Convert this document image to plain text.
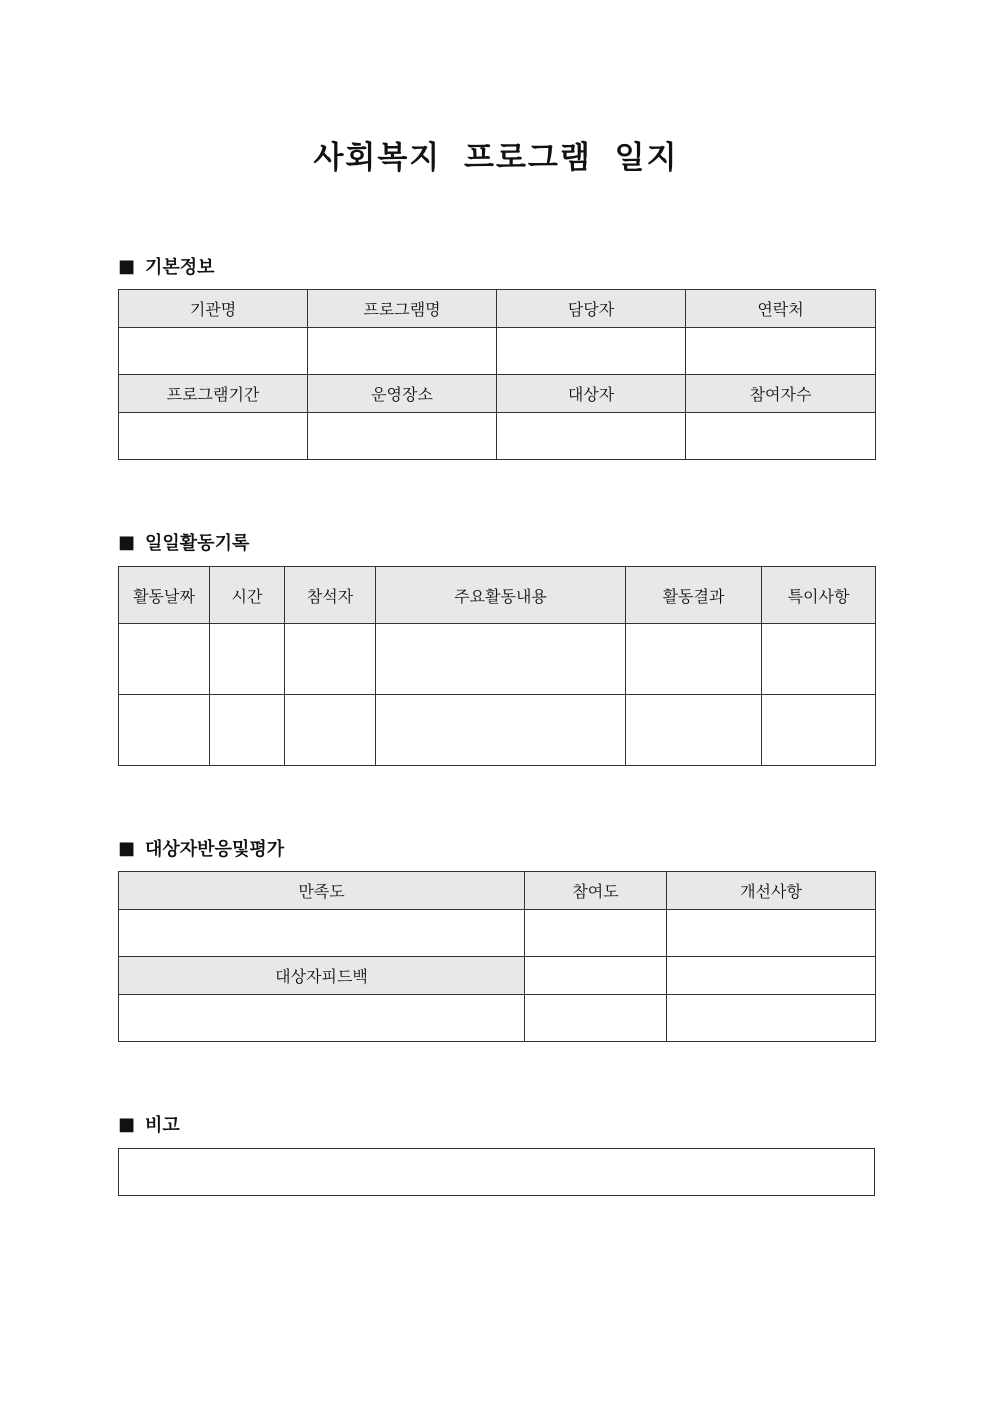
사회복지 프로그램 일지
■ 기본정보
기관명	프로그램명	담당자	연락처

프로그램기간	운영장소	대상자	참여자수

■ 일일활동기록
활동날짜	시간	참석자	주요활동내용	활동결과	특이사항

■ 대상자반응및평가
만족도	참여도	개선사항

대상자피드백		

■ 비고
